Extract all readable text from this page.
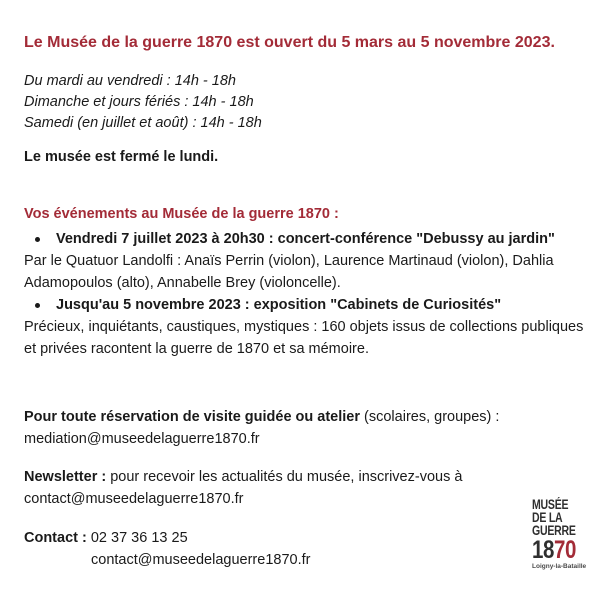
Le Musée de la guerre 1870 est ouvert du 5 mars au 5 novembre 2023.
Du mardi au vendredi : 14h - 18h
Dimanche et jours fériés : 14h - 18h
Samedi (en juillet et août) : 14h - 18h
Le musée est fermé le lundi.
Vos événements au Musée de la guerre 1870 :
Vendredi 7 juillet 2023 à 20h30 : concert-conférence "Debussy au jardin"

Par le Quatuor Landolfi : Anaïs Perrin (violon), Laurence Martinaud (violon), Dahlia Adamopoulos (alto), Annabelle Brey (violoncelle).

Jusqu'au 5 novembre 2023 : exposition "Cabinets de Curiosités"

Précieux, inquiétants, caustiques, mystiques : 160 objets issus de collections publiques et privées racontent la guerre de 1870 et sa mémoire.

Pour toute réservation de visite guidée ou atelier (scolaires, groupes) :
mediation@museedelaguerre1870.fr
Newsletter : pour recevoir les actualités du musée, inscrivez-vous à contact@museedelaguerre1870.fr
Contact : 02 37 36 13 25
contact@museedelaguerre1870.fr
MUSÉE
DE LA
GUERRE
1870
Loigny-la-Bataille
